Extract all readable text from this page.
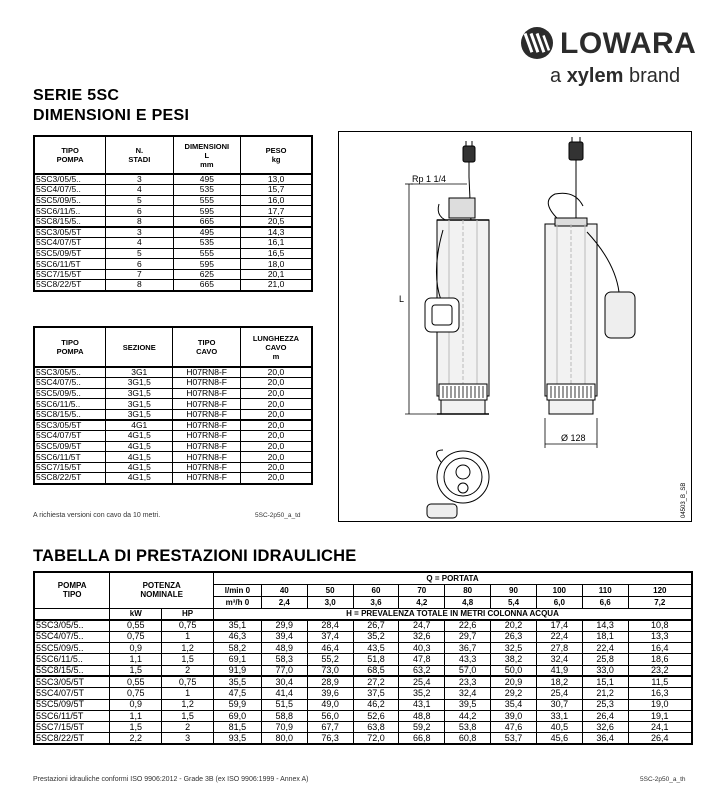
LOWARA
a xylem brand
SERIE 5SC
DIMENSIONI E PESI
TIPO
POMPA	N.
STADI	DIMENSIONI
L
mm	PESO
kg
5SC3/05/5..	3	495	13,0
5SC4/07/5..	4	535	15,7
5SC5/09/5..	5	555	16,0
5SC6/11/5..	6	595	17,7
5SC8/15/5..	8	665	20,5
5SC3/05/5T	3	495	14,3
5SC4/07/5T	4	535	16,1
5SC5/09/5T	5	555	16,5
5SC6/11/5T	6	595	18,0
5SC7/15/5T	7	625	20,1
5SC8/22/5T	8	665	21,0
TIPO
POMPA	SEZIONE	TIPO
CAVO	LUNGHEZZA
CAVO
m
5SC3/05/5..	3G1	H07RN8-F	20,0
5SC4/07/5..	3G1,5	H07RN8-F	20,0
5SC5/09/5..	3G1,5	H07RN8-F	20,0
5SC6/11/5..	3G1,5	H07RN8-F	20,0
5SC8/15/5..	3G1,5	H07RN8-F	20,0
5SC3/05/5T	4G1	H07RN8-F	20,0
5SC4/07/5T	4G1,5	H07RN8-F	20,0
5SC5/09/5T	4G1,5	H07RN8-F	20,0
5SC6/11/5T	4G1,5	H07RN8-F	20,0
5SC7/15/5T	4G1,5	H07RN8-F	20,0
5SC8/22/5T	4G1,5	H07RN8-F	20,0
A richiesta versioni con cavo da 10 metri.	5SC-2p50_a_td
Rp 1 1/4
L
Ø 128
04503_B_SB
TABELLA DI PRESTAZIONI IDRAULICHE
POMPA
TIPO	POTENZA
NOMINALE		Q = PORTATA									
			l/min 0	40	50	60	70	80	90	100	110	120
			m³/h 0	2,4	3,0	3,6	4,2	4,8	5,4	6,0	6,6	7,2
	kW	HP	H = PREVALENZA TOTALE IN METRI COLONNA ACQUA									
5SC3/05/5..	0,55	0,75	35,1	29,9	28,4	26,7	24,7	22,6	20,2	17,4	14,3	10,8
5SC4/07/5..	0,75	1	46,3	39,4	37,4	35,2	32,6	29,7	26,3	22,4	18,1	13,3
5SC5/09/5..	0,9	1,2	58,2	48,9	46,4	43,5	40,3	36,7	32,5	27,8	22,4	16,4
5SC6/11/5..	1,1	1,5	69,1	58,3	55,2	51,8	47,8	43,3	38,2	32,4	25,8	18,6
5SC8/15/5..	1,5	2	91,9	77,0	73,0	68,5	63,2	57,0	50,0	41,9	33,0	23,2
5SC3/05/5T	0,55	0,75	35,5	30,4	28,9	27,2	25,4	23,3	20,9	18,2	15,1	11,5
5SC4/07/5T	0,75	1	47,5	41,4	39,6	37,5	35,2	32,4	29,2	25,4	21,2	16,3
5SC5/09/5T	0,9	1,2	59,9	51,5	49,0	46,2	43,1	39,5	35,4	30,7	25,3	19,0
5SC6/11/5T	1,1	1,5	69,0	58,8	56,0	52,6	48,8	44,2	39,0	33,1	26,4	19,1
5SC7/15/5T	1,5	2	81,5	70,9	67,7	63,8	59,2	53,8	47,6	40,5	32,6	24,1
5SC8/22/5T	2,2	3	93,5	80,0	76,3	72,0	66,8	60,8	53,7	45,6	36,4	26,4
Prestazioni idrauliche conformi ISO 9906:2012 - Grade 3B (ex ISO 9906:1999 - Annex A)	5SC-2p50_a_th
